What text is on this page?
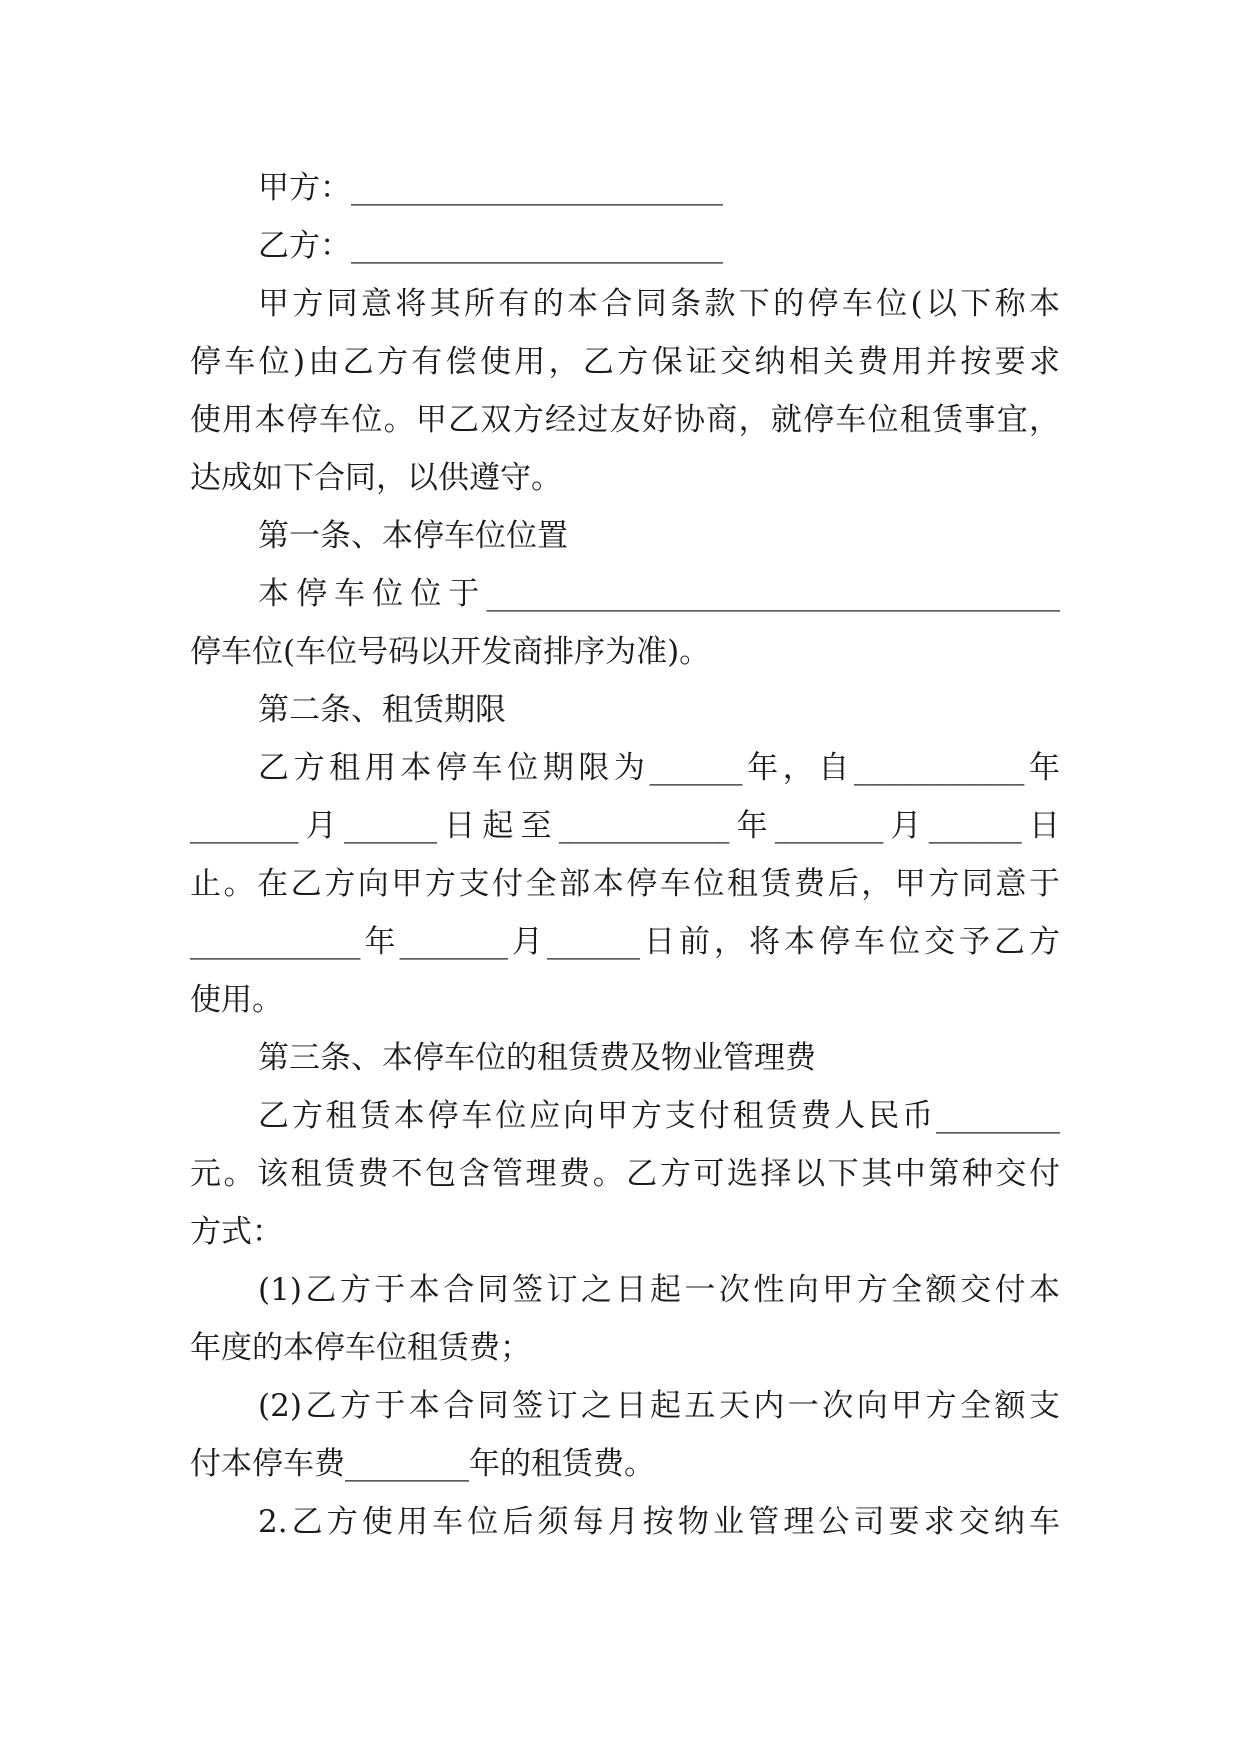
甲方：________________________
乙方：________________________
甲方同意将其所有的本合同条款下的停车位(以下称本
停车位)由乙方有偿使用，乙方保证交纳相关费用并按要求
使用本停车位。甲乙双方经过友好协商，就停车位租赁事宜，
达成如下合同，以供遵守。
第一条、本停车位位置
本停车位位于_____________________________________
停车位(车位号码以开发商排序为准)。
第二条、租赁期限
乙方租用本停车位期限为______年，自___________年
_______月______日起至___________年_______月______日
止。在乙方向甲方支付全部本停车位租赁费后，甲方同意于
___________年_______月______日前，将本停车位交予乙方
使用。
第三条、本停车位的租赁费及物业管理费
乙方租赁本停车位应向甲方支付租赁费人民币________
元。该租赁费不包含管理费。乙方可选择以下其中第种交付
方式：
(1)乙方于本合同签订之日起一次性向甲方全额交付本
年度的本停车位租赁费；
(2)乙方于本合同签订之日起五天内一次向甲方全额支
付本停车费________年的租赁费。
2.乙方使用车位后须每月按物业管理公司要求交纳车
